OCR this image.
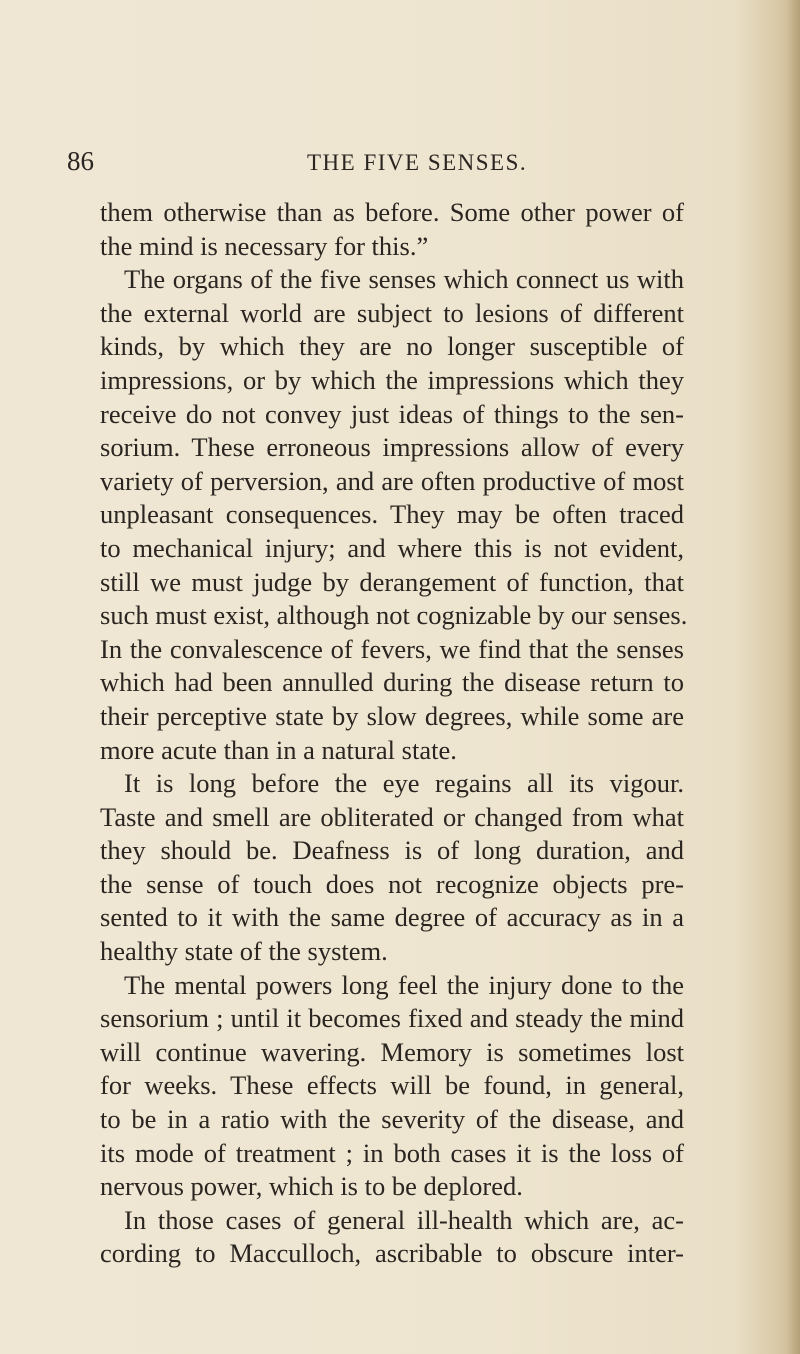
86	THE FIVE SENSES.
them otherwise than as before. Some other power of
the mind is necessary for this.”
The organs of the five senses which connect us with
the external world are subject to lesions of different
kinds, by which they are no longer susceptible of
impressions, or by which the impressions which they
receive do not convey just ideas of things to the sen-
sorium. These erroneous impressions allow of every
variety of perversion, and are often productive of most
unpleasant consequences. They may be often traced
to mechanical injury; and where this is not evident,
still we must judge by derangement of function, that
such must exist, although not cognizable by our senses.
In the convalescence of fevers, we find that the senses
which had been annulled during the disease return to
their perceptive state by slow degrees, while some are
more acute than in a natural state.
It is long before the eye regains all its vigour.
Taste and smell are obliterated or changed from what
they should be. Deafness is of long duration, and
the sense of touch does not recognize objects pre-
sented to it with the same degree of accuracy as in a
healthy state of the system.
The mental powers long feel the injury done to the
sensorium ; until it becomes fixed and steady the mind
will continue wavering. Memory is sometimes lost
for weeks. These effects will be found, in general,
to be in a ratio with the severity of the disease, and
its mode of treatment ; in both cases it is the loss of
nervous power, which is to be deplored.
In those cases of general ill-health which are, ac-
cording to Macculloch, ascribable to obscure inter-
